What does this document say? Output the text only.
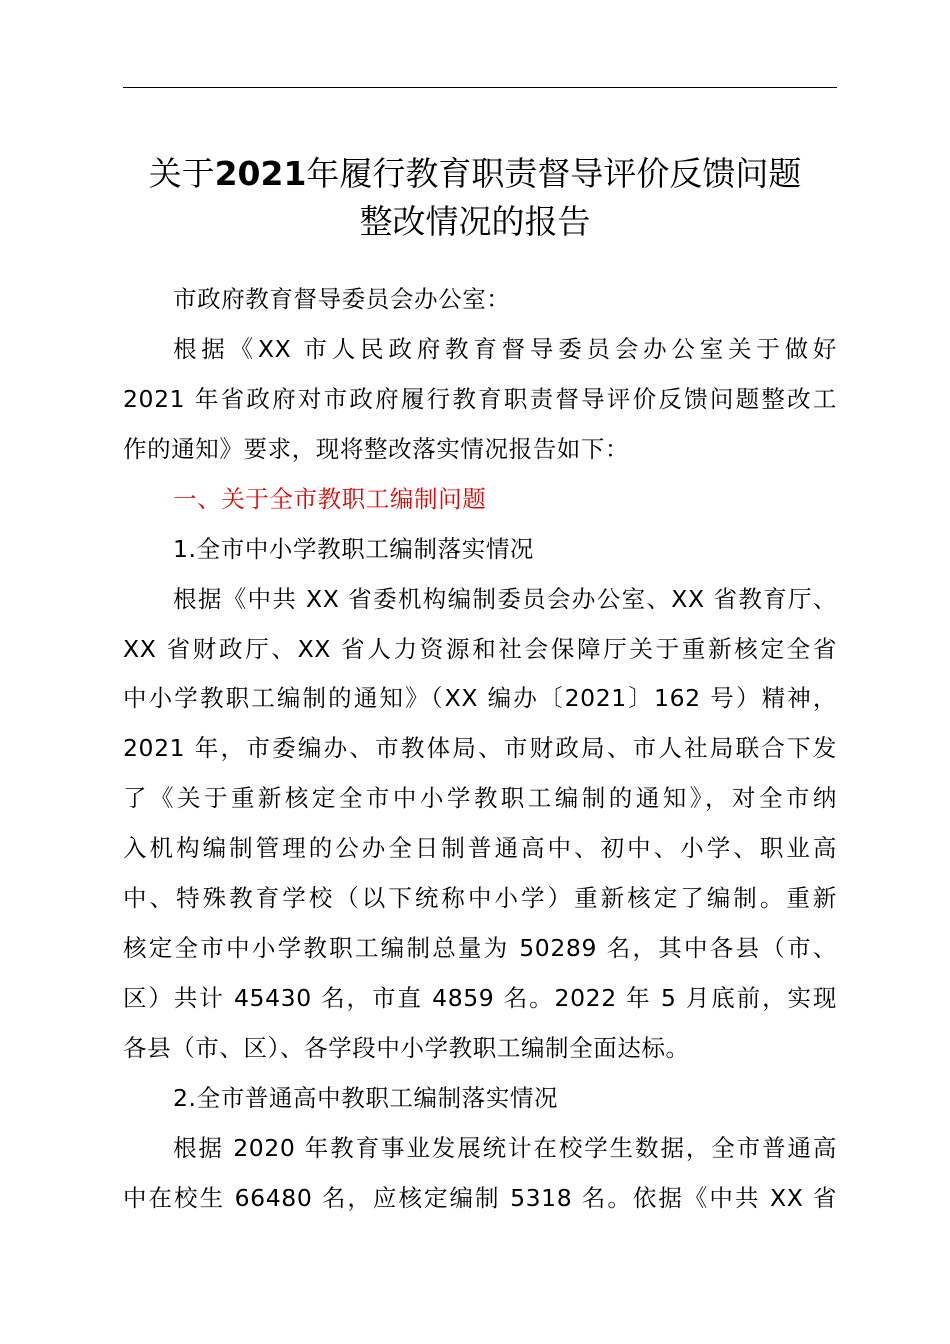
关于2021年履行教育职责督导评价反馈问题
整改情况的报告
市政府教育督导委员会办公室：
根据《XX 市人民政府教育督导委员会办公室关于做好
2021 年省政府对市政府履行教育职责督导评价反馈问题整改工
作的通知》要求，现将整改落实情况报告如下：
一、关于全市教职工编制问题
1.全市中小学教职工编制落实情况
根据《中共 XX 省委机构编制委员会办公室、XX 省教育厅、
XX 省财政厅、XX 省人力资源和社会保障厅关于重新核定全省
中小学教职工编制的通知》（XX 编办〔2021〕162 号）精神，
2021 年，市委编办、市教体局、市财政局、市人社局联合下发
了《关于重新核定全市中小学教职工编制的通知》，对全市纳
入机构编制管理的公办全日制普通高中、初中、小学、职业高
中、特殊教育学校（以下统称中小学）重新核定了编制。重新
核定全市中小学教职工编制总量为 50289 名，其中各县（市、
区）共计 45430 名，市直 4859 名。2022 年 5 月底前，实现
各县（市、区）、各学段中小学教职工编制全面达标。
2.全市普通高中教职工编制落实情况
根据 2020 年教育事业发展统计在校学生数据，全市普通高
中在校生 66480 名，应核定编制 5318 名。依据《中共 XX 省
